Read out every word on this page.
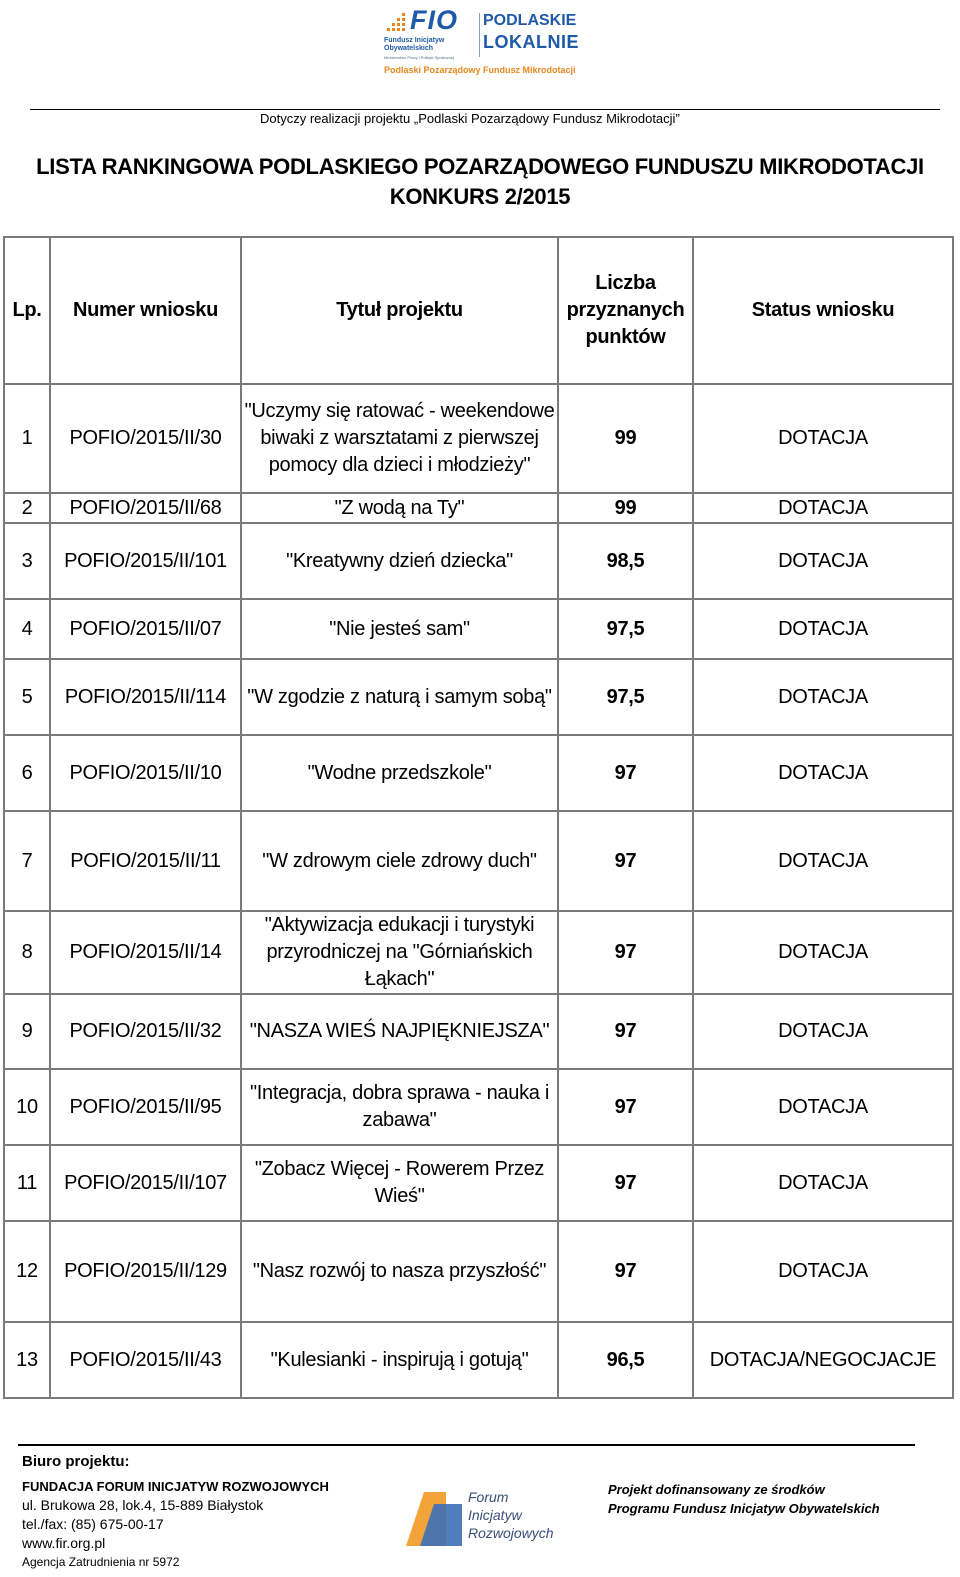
FIO
Fundusz Inicjatyw Obywatelskich
Ministerstwo Pracy i Polityki Społecznej
PODLASKIE
LOKALNIE
Podlaski Pozarządowy Fundusz Mikrodotacji
Dotyczy realizacji projektu „Podlaski Pozarządowy Fundusz Mikrodotacji”
LISTA RANKINGOWA PODLASKIEGO POZARZĄDOWEGO FUNDUSZU MIKRODOTACJI
KONKURS 2/2015
Lp.	Numer wniosku	Tytuł projektu	Liczba przyznanych punktów	Status wniosku
1	POFIO/2015/II/30	"Uczymy się ratować - weekendowe biwaki z warsztatami z pierwszej pomocy dla dzieci i młodzieży"	99	DOTACJA
2	POFIO/2015/II/68	"Z wodą na Ty"	99	DOTACJA
3	POFIO/2015/II/101	"Kreatywny dzień dziecka"	98,5	DOTACJA
4	POFIO/2015/II/07	"Nie jesteś sam"	97,5	DOTACJA
5	POFIO/2015/II/114	"W zgodzie z naturą i samym sobą"	97,5	DOTACJA
6	POFIO/2015/II/10	"Wodne przedszkole"	97	DOTACJA
7	POFIO/2015/II/11	"W zdrowym ciele zdrowy duch"	97	DOTACJA
8	POFIO/2015/II/14	"Aktywizacja edukacji i turystyki przyrodniczej na "Górniańskich Łąkach"	97	DOTACJA
9	POFIO/2015/II/32	"NASZA WIEŚ NAJPIĘKNIEJSZA"	97	DOTACJA
10	POFIO/2015/II/95	"Integracja, dobra sprawa - nauka i zabawa"	97	DOTACJA
11	POFIO/2015/II/107	"Zobacz Więcej - Rowerem Przez Wieś"	97	DOTACJA
12	POFIO/2015/II/129	"Nasz rozwój to nasza przyszłość"	97	DOTACJA
13	POFIO/2015/II/43	"Kulesianki - inspirują i gotują"	96,5	DOTACJA/NEGOCJACJE
Biuro projektu:
FUNDACJA FORUM INICJATYW ROZWOJOWYCH
ul. Brukowa 28, lok.4, 15-889 Białystok
tel./fax: (85) 675-00-17
www.fir.org.pl
Agencja Zatrudnienia nr 5972
Forum
Inicjatyw
Rozwojowych
Projekt dofinansowany ze środków
Programu Fundusz Inicjatyw Obywatelskich
